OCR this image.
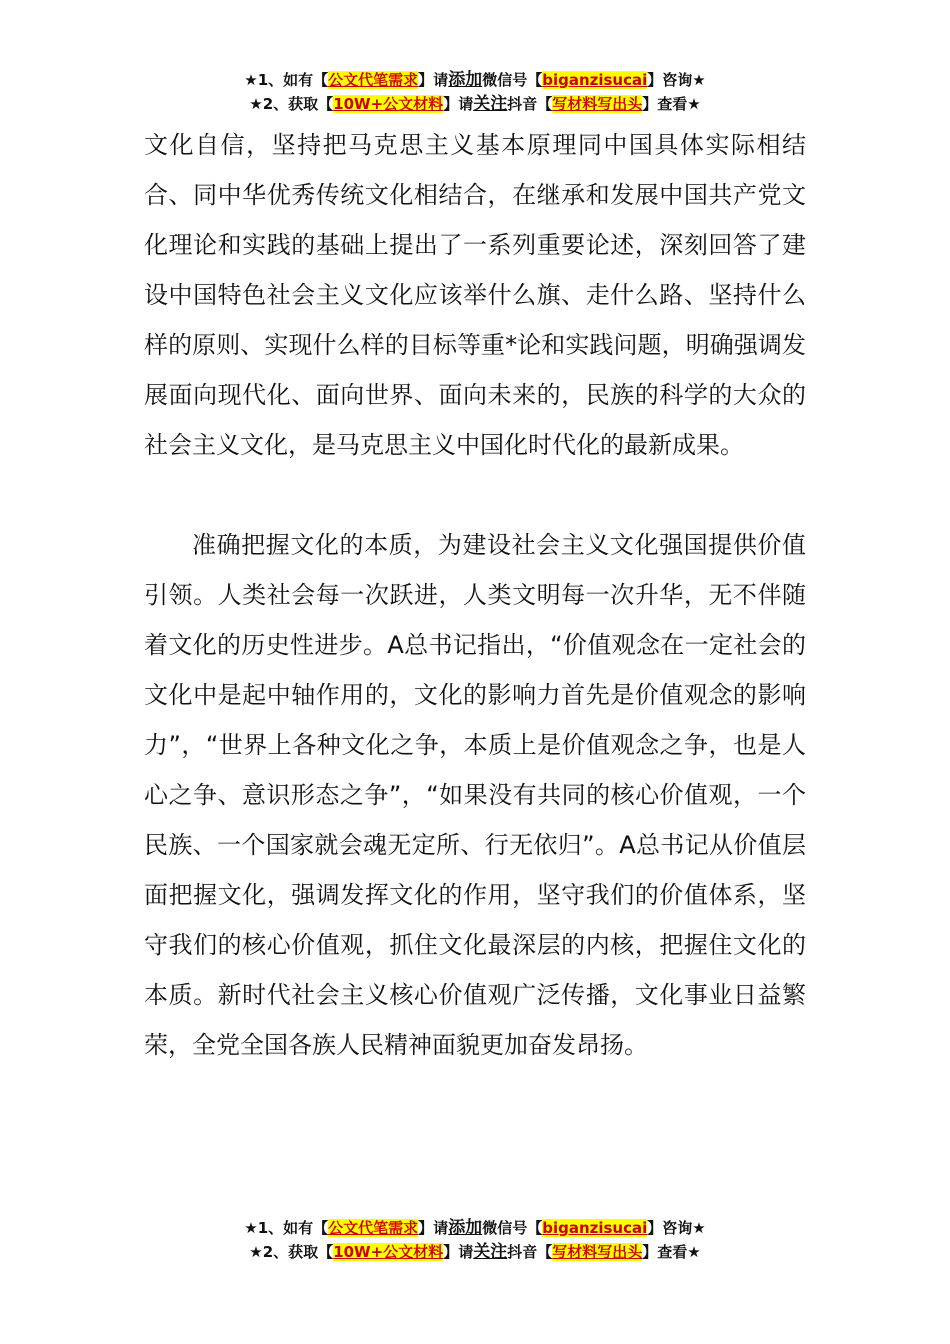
★1、如有【公文代笔需求】请添加微信号【biganzisucai】咨询★
★2、获取【10W+公文材料】请关注抖音【写材料写出头】查看★

文化自信，坚持把马克思主义基本原理同中国具体实际相结合、同中华优秀传统文化相结合，在继承和发展中国共产党文化理论和实践的基础上提出了一系列重要论述，深刻回答了建设中国特色社会主义文化应该举什么旗、走什么路、坚持什么样的原则、实现什么样的目标等重*论和实践问题，明确强调发展面向现代化、面向世界、面向未来的，民族的科学的大众的社会主义文化，是马克思主义中国化时代化的最新成果。

准确把握文化的本质，为建设社会主义文化强国提供价值引领。人类社会每一次跃进，人类文明每一次升华，无不伴随着文化的历史性进步。A总书记指出，“价值观念在一定社会的文化中是起中轴作用的，文化的影响力首先是价值观念的影响力”，“世界上各种文化之争，本质上是价值观念之争，也是人心之争、意识形态之争”，“如果没有共同的核心价值观，一个民族、一个国家就会魂无定所、行无依归”。A总书记从价值层面把握文化，强调发挥文化的作用，坚守我们的价值体系，坚守我们的核心价值观，抓住文化最深层的内核，把握住文化的本质。新时代社会主义核心价值观广泛传播，文化事业日益繁荣，全党全国各族人民精神面貌更加奋发昂扬。

★1、如有【公文代笔需求】请添加微信号【biganzisucai】咨询★
★2、获取【10W+公文材料】请关注抖音【写材料写出头】查看★
